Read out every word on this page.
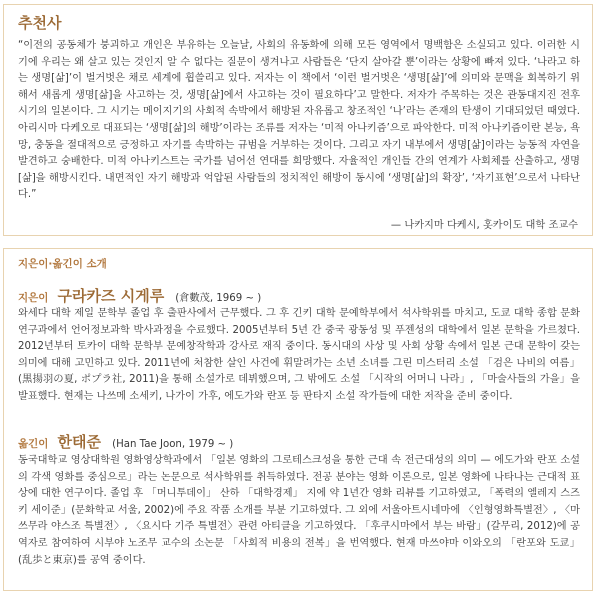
추천사

“이전의 공동체가 붕괴하고 개인은 부유하는 오늘날, 사회의 유동화에 의해 모든 영역에서 명백함은 소실되고 있다. 이러한 시기에 우리는 왜 살고 있는 것인지 알 수 없다는 질문이 생겨나고 사람들은 ‘단지 살아갈 뿐’이라는 상황에 빠져 있다. ‘나라고 하는 생명[삶]’이 벌거벗은 채로 세계에 휩쓸리고 있다. 저자는 이 책에서 ‘이런 벌거벗은 ‘생명[삶]’에 의미와 문맥을 회복하기 위해서 새롭게 생명[삶]을 사고하는 것, 생명[삶]에서 사고하는 것이 필요하다’고 말한다. 저자가 주목하는 것은 관동대지진 전후 시기의 일본이다. 그 시기는 메이지기의 사회적 속박에서 해방된 자유롭고 창조적인 ‘나’라는 존재의 탄생이 기대되었던 때였다. 아리시마 다케오로 대표되는 ‘생명[삶]의 해방’이라는 조류를 저자는 ‘미적 아나키즘’으로 파악한다. 미적 아나키즘이란 본능, 욕망, 충동을 절대적으로 긍정하고 자기를 속박하는 규범을 거부하는 것이다. 그리고 자기 내부에서 생명[삶]이라는 능동적 자연을 발견하고 숭배한다. 미적 아나키스트는 국가를 넘어선 연대를 희망했다. 자율적인 개인들 간의 연계가 사회체를 산출하고, 생명[삶]을 해방시킨다. 내면적인 자기 해방과 억압된 사람들의 정치적인 해방이 동시에 ‘생명[삶]의 확장’, ‘자기표현’으로서 나타난다.”

— 나카지마 다케시, 홋카이도 대학 조교수
지은이·옮긴이 소개
지은이 구라카즈 시게루 (倉數茂, 1969 ~ )

와세다 대학 제일 문학부 졸업 후 출판사에서 근무했다. 그 후 긴키 대학 문예학부에서 석사학위를 마치고, 도쿄 대학 종합 문화 연구과에서 언어정보과학 박사과정을 수료했다. 2005년부터 5년 간 중국 광동성 및 푸젠성의 대학에서 일본 문학을 가르쳤다. 2012년부터 토카이 대학 문학부 문예창작학과 강사로 재직 중이다. 동시대의 사상 및 사회 상황 속에서 일본 근대 문학이 갖는 의미에 대해 고민하고 있다. 2011년에 처참한 살인 사건에 휘말려가는 소년 소녀를 그린 미스터리 소설 「검은 나비의 여름」(黒揚羽の夏, ポプラ社, 2011)을 통해 소설가로 데뷔했으며, 그 밖에도 소설 「시작의 어머니 나라」, 「마술사들의 가을」을 발표했다. 현재는 나쓰메 소세키, 나가이 가후, 에도가와 란포 등 판타지 소설 작가들에 대한 저작을 준비 중이다.

옮긴이 한태준 (Han Tae Joon, 1979 ~ )

동국대학교 영상대학원 영화영상학과에서 「일본 영화의 그로테스크성을 통한 근대 속 전근대성의 의미 — 에도가와 란포 소설의 각색 영화를 중심으로」라는 논문으로 석사학위를 취득하였다. 전공 분야는 영화 이론으로, 일본 영화에 나타나는 근대적 표상에 대한 연구이다. 졸업 후 「머니투데이」 산하 「대학경제」 지에 약 1년간 영화 리뷰를 기고하였고, 「폭력의 엘레지 스즈키 세이준」(문화학교 서울, 2002)에 주요 작품 소개를 부분 기고하였다. 그 외에 서울아트시네마에 〈인형영화특별전〉, 〈마쓰무라 야스조 특별전〉, 〈요시다 기주 특별전〉관련 아티클을 기고하였다. 「후쿠시마에서 부는 바람」(갈무리, 2012)에 공역자로 참여하여 시부야 노조무 교수의 소논문 「사회적 비용의 전복」을 번역했다. 현재 마쓰야마 이와오의 「란포와 도쿄」(乱歩と東京)를 공역 중이다.
